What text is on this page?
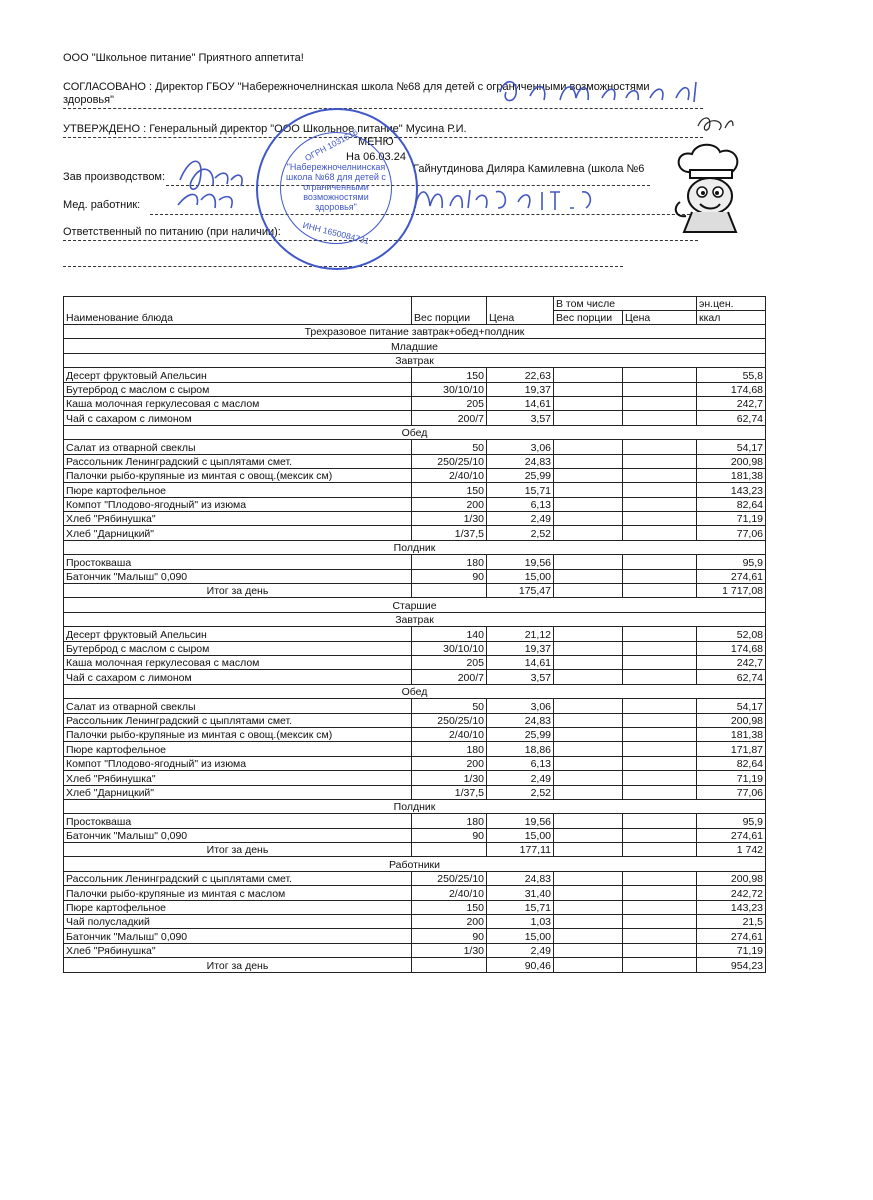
ООО "Школьное питание" Приятного аппетита!
СОГЛАСОВАНО : Директор ГБОУ "Набережночелнинская школа №68 для детей с ограниченными возможностями
здоровья"
УТВЕРЖДЕНО : Генеральный директор "ООО Школьное питание" Мусина Р.И.
МЕНЮ
На 06.03.24
Зав производством:
Гайнутдинова Диляра Камилевна (школа №6
Мед. работник:
Ответственный по питанию (при наличии):
"Набережночелнинская школа №68 для детей с ограниченными возможностями здоровья"
ОГРН 1031616
ИНН 1650084731
Наименование блюда	Вес порции	Цена	В том числе		эн.цен.
			Вес порции	Цена	ккал
Трехразовое питание завтрак+обед+полдник					
Младшие					
Завтрак					
Десерт фруктовый Апельсин	150	22,63			55,8
Бутерброд с маслом с сыром	30/10/10	19,37			174,68
Каша молочная геркулесовая с маслом	205	14,61			242,7
Чай с сахаром с лимоном	200/7	3,57			62,74
Обед					
Салат из отварной свеклы	50	3,06			54,17
Рассольник Ленинградский с цыплятами смет.	250/25/10	24,83			200,98
Палочки рыбо-крупяные из минтая с овощ.(мексик см)	2/40/10	25,99			181,38
Пюре картофельное	150	15,71			143,23
Компот "Плодово-ягодный" из изюма	200	6,13			82,64
Хлеб "Рябинушка"	1/30	2,49			71,19
Хлеб "Дарницкий"	1/37,5	2,52			77,06
Полдник					
Простокваша	180	19,56			95,9
Батончик "Малыш" 0,090	90	15,00			274,61
Итог за день		175,47			1 717,08
Старшие					
Завтрак					
Десерт фруктовый Апельсин	140	21,12			52,08
Бутерброд с маслом с сыром	30/10/10	19,37			174,68
Каша молочная геркулесовая с маслом	205	14,61			242,7
Чай с сахаром с лимоном	200/7	3,57			62,74
Обед					
Салат из отварной свеклы	50	3,06			54,17
Рассольник Ленинградский с цыплятами смет.	250/25/10	24,83			200,98
Палочки рыбо-крупяные из минтая с овощ.(мексик см)	2/40/10	25,99			181,38
Пюре картофельное	180	18,86			171,87
Компот "Плодово-ягодный" из изюма	200	6,13			82,64
Хлеб "Рябинушка"	1/30	2,49			71,19
Хлеб "Дарницкий"	1/37,5	2,52			77,06
Полдник					
Простокваша	180	19,56			95,9
Батончик "Малыш" 0,090	90	15,00			274,61
Итог за день		177,11			1 742
Работники					
Рассольник Ленинградский с цыплятами смет.	250/25/10	24,83			200,98
Палочки рыбо-крупяные из минтая с маслом	2/40/10	31,40			242,72
Пюре картофельное	150	15,71			143,23
Чай полусладкий	200	1,03			21,5
Батончик "Малыш" 0,090	90	15,00			274,61
Хлеб "Рябинушка"	1/30	2,49			71,19
Итог за день		90,46			954,23
